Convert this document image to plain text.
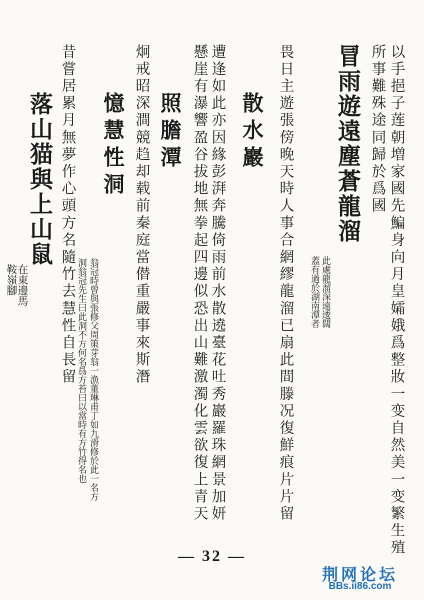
以手挹子莲朝増家國先鯿身向月皇孀娥爲整妝一变自然美一变繁生殖
所事難殊途同歸於爲國
冒雨遊遠塵蒼龍溜
蓋有過於湖南潭者 此處龍溜深遠逶闊
畏日主遊張傍晚天時人事合網繆龍溜已扇此間滕况復鮮痕片片留
散水巖
遭逢如此亦因緣彭湃奔騰倚雨前水散遶臺花吐秀巖羅珠網景加妍
懸崖有瀑響盈谷拔地無拳起四邊似恐出山難激濁化雲欲復上青天
照膽潭
炯戒昭深澗競趋却载前秦庭當僣重嚴事來斯潛
憶慧性洞
翁冠時曾與張修父周策芽翁一漁董琳甫丁如九滑修於此一名方
洞翁冠先生曰此洞不方何名爲方苔曰以當時有方竹得名也
昔嘗居累月無夢作心頭方名隨竹去慧性自長留
落山猫與上山鼠
在東邊馬
鞍嶺腳
— 32 —
荆网论坛
BBs.ii86.com
